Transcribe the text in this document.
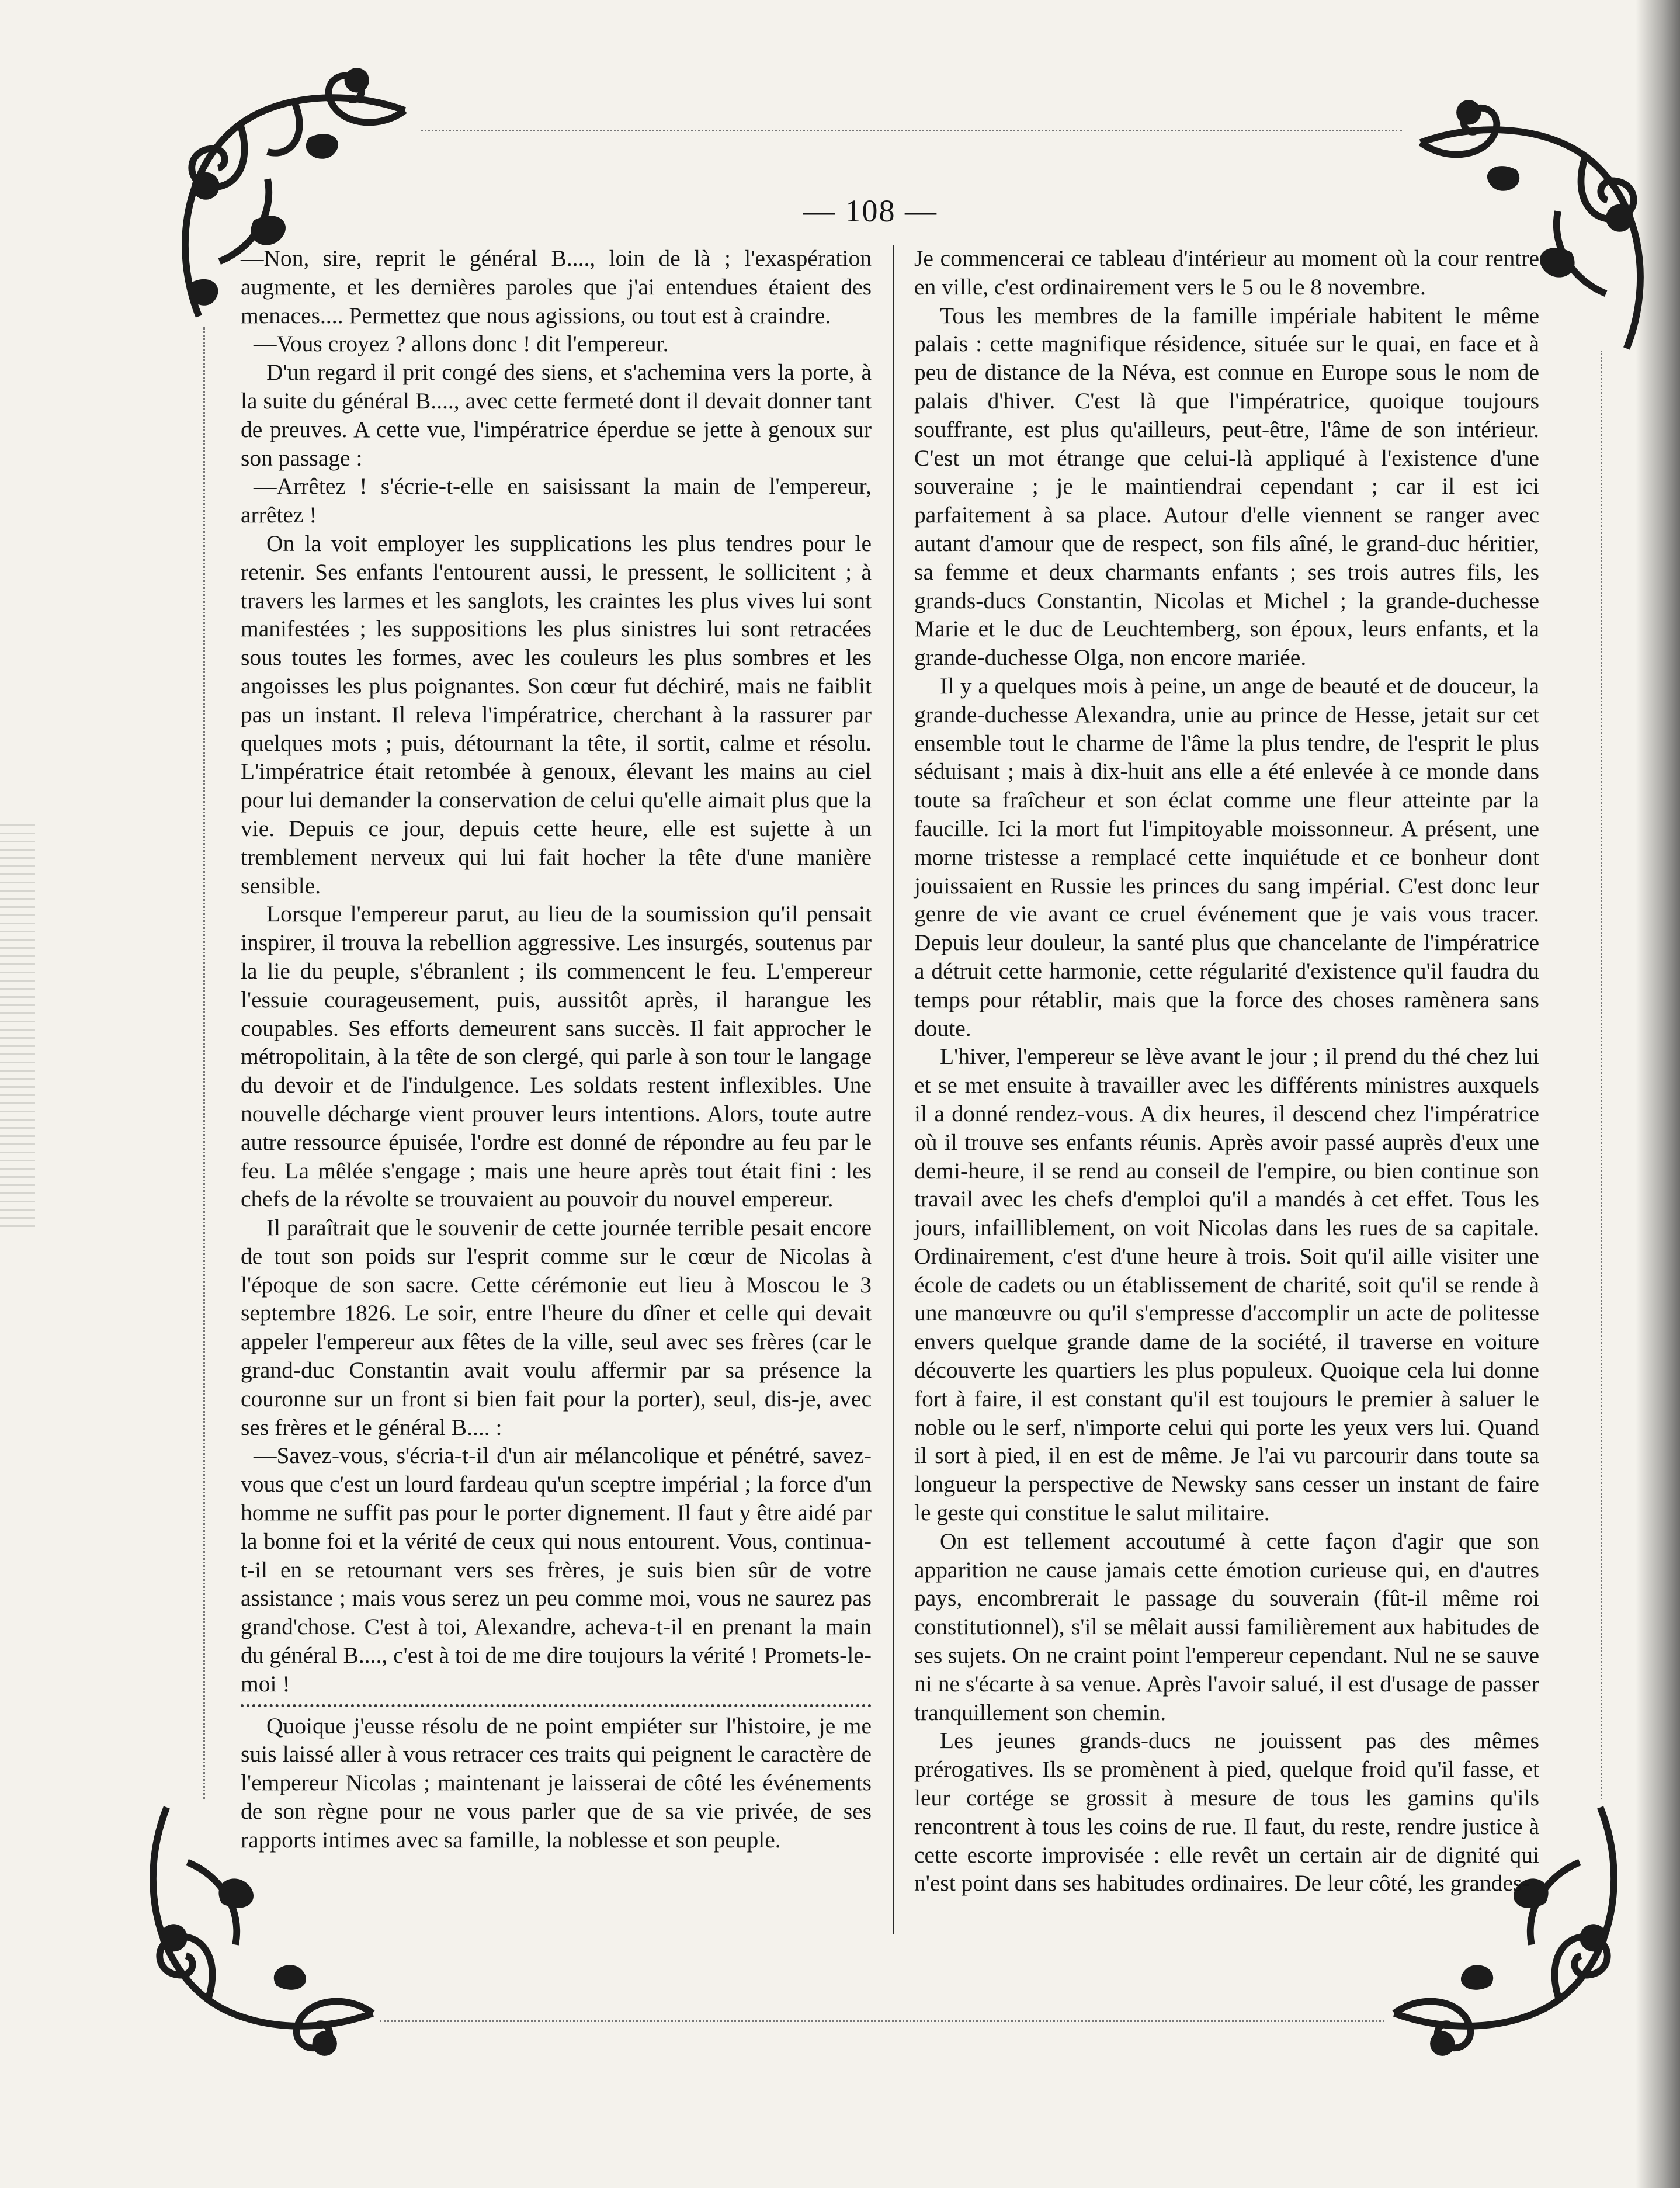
— 108 —

—Non, sire, reprit le général B...., loin de là ; l'exaspération augmente, et les dernières paroles que j'ai entendues étaient des menaces.... Permettez que nous agissions, ou tout est à craindre.

—Vous croyez ? allons donc ! dit l'empereur.

D'un regard il prit congé des siens, et s'achemina vers la porte, à la suite du général B...., avec cette fermeté dont il devait donner tant de preuves. A cette vue, l'impératrice éperdue se jette à genoux sur son passage :

—Arrêtez ! s'écrie-t-elle en saisissant la main de l'empereur, arrêtez !

On la voit employer les supplications les plus tendres pour le retenir. Ses enfants l'entourent aussi, le pressent, le sollicitent ; à travers les larmes et les sanglots, les craintes les plus vives lui sont manifestées ; les suppositions les plus sinistres lui sont retracées sous toutes les formes, avec les couleurs les plus sombres et les angoisses les plus poignantes. Son cœur fut déchiré, mais ne faiblit pas un instant. Il releva l'impératrice, cherchant à la rassurer par quelques mots ; puis, détournant la tête, il sortit, calme et résolu. L'impératrice était retombée à genoux, élevant les mains au ciel pour lui demander la conservation de celui qu'elle aimait plus que la vie. Depuis ce jour, depuis cette heure, elle est sujette à un tremblement nerveux qui lui fait hocher la tête d'une manière sensible.

Lorsque l'empereur parut, au lieu de la soumission qu'il pensait inspirer, il trouva la rebellion aggressive. Les insurgés, soutenus par la lie du peuple, s'ébranlent ; ils commencent le feu. L'empereur l'essuie courageusement, puis, aussitôt après, il harangue les coupables. Ses efforts demeurent sans succès. Il fait approcher le métropolitain, à la tête de son clergé, qui parle à son tour le langage du devoir et de l'indulgence. Les soldats restent inflexibles. Une nouvelle décharge vient prouver leurs intentions. Alors, toute autre autre ressource épuisée, l'ordre est donné de répondre au feu par le feu. La mêlée s'engage ; mais une heure après tout était fini : les chefs de la révolte se trouvaient au pouvoir du nouvel empereur.

Il paraîtrait que le souvenir de cette journée terrible pesait encore de tout son poids sur l'esprit comme sur le cœur de Nicolas à l'époque de son sacre. Cette cérémonie eut lieu à Moscou le 3 septembre 1826. Le soir, entre l'heure du dîner et celle qui devait appeler l'empereur aux fêtes de la ville, seul avec ses frères (car le grand-duc Constantin avait voulu affermir par sa présence la couronne sur un front si bien fait pour la porter), seul, dis-je, avec ses frères et le général B.... :

—Savez-vous, s'écria-t-il d'un air mélancolique et pénétré, savez-vous que c'est un lourd fardeau qu'un sceptre impérial ; la force d'un homme ne suffit pas pour le porter dignement. Il faut y être aidé par la bonne foi et la vérité de ceux qui nous entourent. Vous, continua-t-il en se retournant vers ses frères, je suis bien sûr de votre assistance ; mais vous serez un peu comme moi, vous ne saurez pas grand'chose. C'est à toi, Alexandre, acheva-t-il en prenant la main du général B...., c'est à toi de me dire toujours la vérité ! Promets-le-moi !

Quoique j'eusse résolu de ne point empiéter sur l'histoire, je me suis laissé aller à vous retracer ces traits qui peignent le caractère de l'empereur Nicolas ; maintenant je laisserai de côté les événements de son règne pour ne vous parler que de sa vie privée, de ses rapports intimes avec sa famille, la noblesse et son peuple.

Je commencerai ce tableau d'intérieur au moment où la cour rentre en ville, c'est ordinairement vers le 5 ou le 8 novembre.

Tous les membres de la famille impériale habitent le même palais : cette magnifique résidence, située sur le quai, en face et à peu de distance de la Néva, est connue en Europe sous le nom de palais d'hiver. C'est là que l'impératrice, quoique toujours souffrante, est plus qu'ailleurs, peut-être, l'âme de son intérieur. C'est un mot étrange que celui-là appliqué à l'existence d'une souveraine ; je le maintiendrai cependant ; car il est ici parfaitement à sa place. Autour d'elle viennent se ranger avec autant d'amour que de respect, son fils aîné, le grand-duc héritier, sa femme et deux charmants enfants ; ses trois autres fils, les grands-ducs Constantin, Nicolas et Michel ; la grande-duchesse Marie et le duc de Leuchtemberg, son époux, leurs enfants, et la grande-duchesse Olga, non encore mariée.

Il y a quelques mois à peine, un ange de beauté et de douceur, la grande-duchesse Alexandra, unie au prince de Hesse, jetait sur cet ensemble tout le charme de l'âme la plus tendre, de l'esprit le plus séduisant ; mais à dix-huit ans elle a été enlevée à ce monde dans toute sa fraîcheur et son éclat comme une fleur atteinte par la faucille. Ici la mort fut l'impitoyable moissonneur. A présent, une morne tristesse a remplacé cette inquiétude et ce bonheur dont jouissaient en Russie les princes du sang impérial. C'est donc leur genre de vie avant ce cruel événement que je vais vous tracer. Depuis leur douleur, la santé plus que chancelante de l'impératrice a détruit cette harmonie, cette régularité d'existence qu'il faudra du temps pour rétablir, mais que la force des choses ramènera sans doute.

L'hiver, l'empereur se lève avant le jour ; il prend du thé chez lui et se met ensuite à travailler avec les différents ministres auxquels il a donné rendez-vous. A dix heures, il descend chez l'impératrice où il trouve ses enfants réunis. Après avoir passé auprès d'eux une demi-heure, il se rend au conseil de l'empire, ou bien continue son travail avec les chefs d'emploi qu'il a mandés à cet effet. Tous les jours, infailliblement, on voit Nicolas dans les rues de sa capitale. Ordinairement, c'est d'une heure à trois. Soit qu'il aille visiter une école de cadets ou un établissement de charité, soit qu'il se rende à une manœuvre ou qu'il s'empresse d'accomplir un acte de politesse envers quelque grande dame de la société, il traverse en voiture découverte les quartiers les plus populeux. Quoique cela lui donne fort à faire, il est constant qu'il est toujours le premier à saluer le noble ou le serf, n'importe celui qui porte les yeux vers lui. Quand il sort à pied, il en est de même. Je l'ai vu parcourir dans toute sa longueur la perspective de Newsky sans cesser un instant de faire le geste qui constitue le salut militaire.

On est tellement accoutumé à cette façon d'agir que son apparition ne cause jamais cette émotion curieuse qui, en d'autres pays, encombrerait le passage du souverain (fût-il même roi constitutionnel), s'il se mêlait aussi familièrement aux habitudes de ses sujets. On ne craint point l'empereur cependant. Nul ne se sauve ni ne s'écarte à sa venue. Après l'avoir salué, il est d'usage de passer tranquillement son chemin.

Les jeunes grands-ducs ne jouissent pas des mêmes prérogatives. Ils se promènent à pied, quelque froid qu'il fasse, et leur cortége se grossit à mesure de tous les gamins qu'ils rencontrent à tous les coins de rue. Il faut, du reste, rendre justice à cette escorte improvisée : elle revêt un certain air de dignité qui n'est point dans ses habitudes ordinaires. De leur côté, les grandes-
